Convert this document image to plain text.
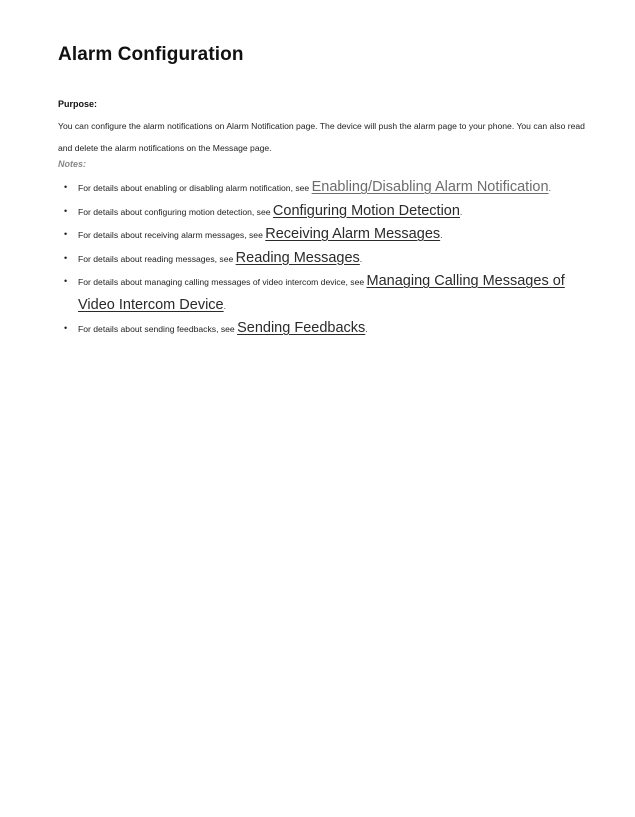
Alarm Configuration
Purpose:

You can configure the alarm notifications on Alarm Notification page. The device will push the alarm page to your phone. You can also read and delete the alarm notifications on the Message page.

Notes:
• For details about enabling or disabling alarm notification, see Enabling/Disabling Alarm Notification.
• For details about configuring motion detection, see Configuring Motion Detection.
• For details about receiving alarm messages, see Receiving Alarm Messages.
• For details about reading messages, see Reading Messages.
• For details about managing calling messages of video intercom device, see Managing Calling Messages of Video Intercom Device.
• For details about sending feedbacks, see Sending Feedbacks.
